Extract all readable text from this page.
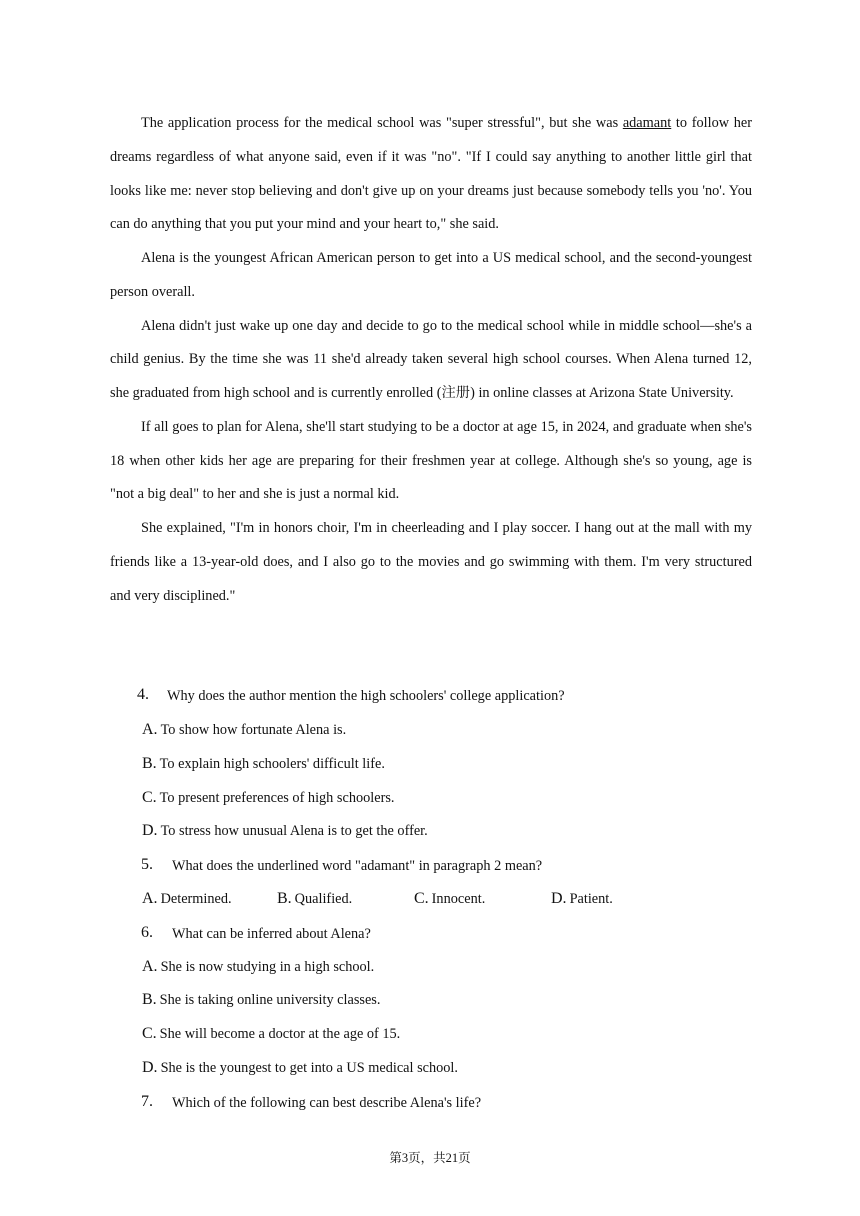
The application process for the medical school was "super stressful", but she was adamant to follow her dreams regardless of what anyone said, even if it was "no". "If I could say anything to another little girl that looks like me: never stop believing and don't give up on your dreams just because somebody tells you 'no'. You can do anything that you put your mind and your heart to," she said.

Alena is the youngest African American person to get into a US medical school, and the second-youngest person overall.

Alena didn't just wake up one day and decide to go to the medical school while in middle school—she's a child genius. By the time she was 11 she'd already taken several high school courses. When Alena turned 12, she graduated from high school and is currently enrolled (注册) in online classes at Arizona State University.

If all goes to plan for Alena, she'll start studying to be a doctor at age 15, in 2024, and graduate when she's 18 when other kids her age are preparing for their freshmen year at college. Although she's so young, age is "not a big deal" to her and she is just a normal kid.

She explained, "I'm in honors choir, I'm in cheerleading and I play soccer. I hang out at the mall with my friends like a 13-year-old does, and I also go to the movies and go swimming with them. I'm very structured and very disciplined."

4. Why does the author mention the high schoolers' college application?
A. To show how fortunate Alena is.
B. To explain high schoolers' difficult life.
C. To present preferences of high schoolers.
D. To stress how unusual Alena is to get the offer.
5. What does the underlined word "adamant" in paragraph 2 mean?
A. Determined.	B. Qualified.	C. Innocent.	D. Patient.
6. What can be inferred about Alena?
A. She is now studying in a high school.
B. She is taking online university classes.
C. She will become a doctor at the age of 15.
D. She is the youngest to get into a US medical school.
7. Which of the following can best describe Alena's life?
第3页，共21页
